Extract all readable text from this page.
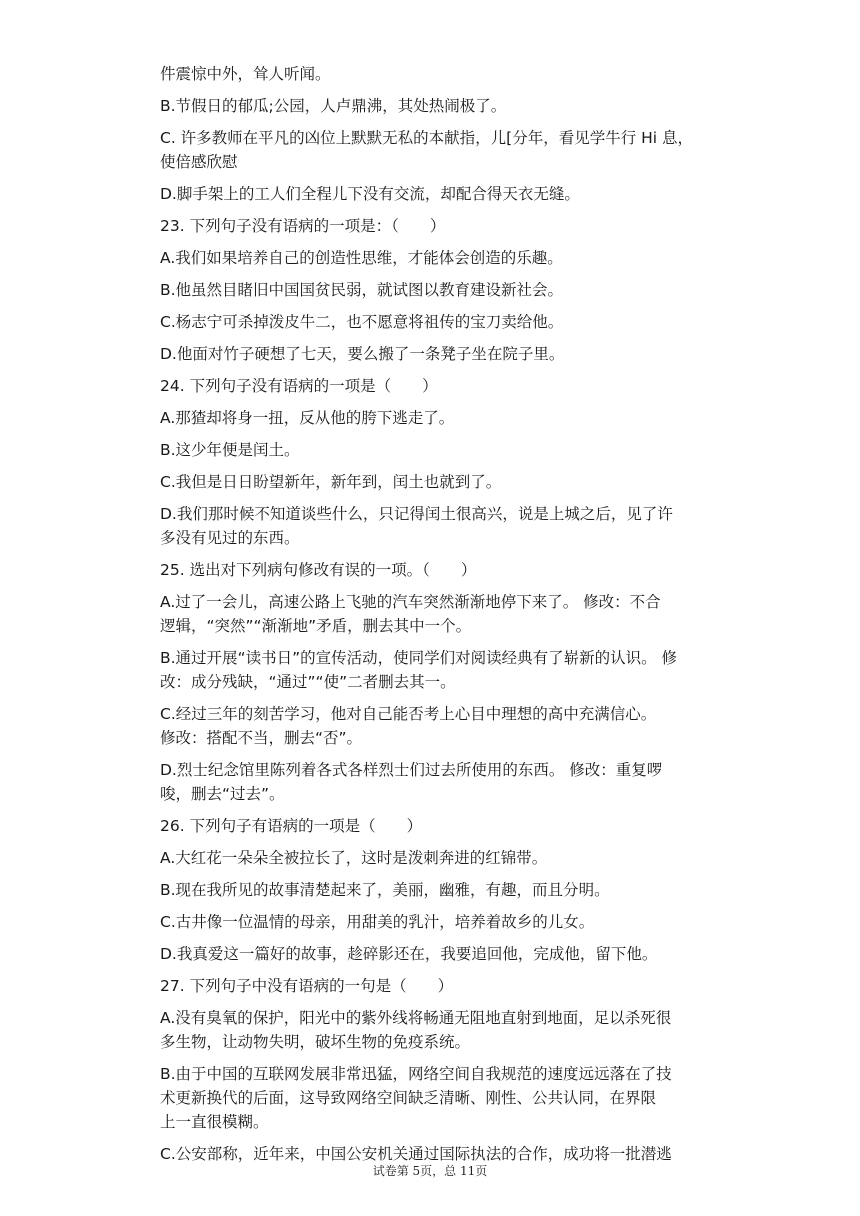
件震惊中外，耸人听闻。

B.节假日的郁瓜;公园，人卢鼎沸，其处热闹极了。

C. 许多教师在平凡的凶位上默默无私的本献指，儿[分年，看见学牛行 Hi 息，

使倍感欣慰

D.脚手架上的工人们全程儿下没有交流，却配合得天衣无缝。

23. 下列句子没有语病的一项是：（　　）

A.我们如果培养自己的创造性思维，才能体会创造的乐趣。

B.他虽然目睹旧中国国贫民弱，就试图以教育建设新社会。

C.杨志宁可杀掉泼皮牛二，也不愿意将祖传的宝刀卖给他。

D.他面对竹子硬想了七天，要么搬了一条凳子坐在院子里。

24. 下列句子没有语病的一项是（　　）

A.那猹却将身一扭，反从他的胯下逃走了。

B.这少年便是闰土。

C.我但是日日盼望新年，新年到，闰土也就到了。

D.我们那时候不知道谈些什么，只记得闰土很高兴，说是上城之后，见了许

多没有见过的东西。

25. 选出对下列病句修改有误的一项。（　　）

A.过了一会儿，高速公路上飞驰的汽车突然渐渐地停下来了。 修改：不合

逻辑，“突然”“渐渐地”矛盾，删去其中一个。

B.通过开展“读书日”的宣传活动，使同学们对阅读经典有了崭新的认识。 修

改：成分残缺，“通过”“使”二者删去其一。

C.经过三年的刻苦学习，他对自己能否考上心目中理想的高中充满信心。

修改：搭配不当，删去“否”。

D.烈士纪念馆里陈列着各式各样烈士们过去所使用的东西。 修改：重复啰

唆，删去“过去”。

26. 下列句子有语病的一项是（　　）

A.大红花一朵朵全被拉长了，这时是泼刺奔进的红锦带。

B.现在我所见的故事清楚起来了，美丽，幽雅，有趣，而且分明。

C.古井像一位温情的母亲，用甜美的乳汁，培养着故乡的儿女。

D.我真爱这一篇好的故事，趁碎影还在，我要追回他，完成他，留下他。

27. 下列句子中没有语病的一句是（　　）

A.没有臭氧的保护，阳光中的紫外线将畅通无阻地直射到地面，足以杀死很

多生物，让动物失明，破坏生物的免疫系统。

B.由于中国的互联网发展非常迅猛，网络空间自我规范的速度远远落在了技

术更新换代的后面，这导致网络空间缺乏清晰、刚性、公共认同，在界限

上一直很模糊。

C.公安部称，近年来，中国公安机关通过国际执法的合作，成功将一批潜逃

试卷第 5页，总 11页
